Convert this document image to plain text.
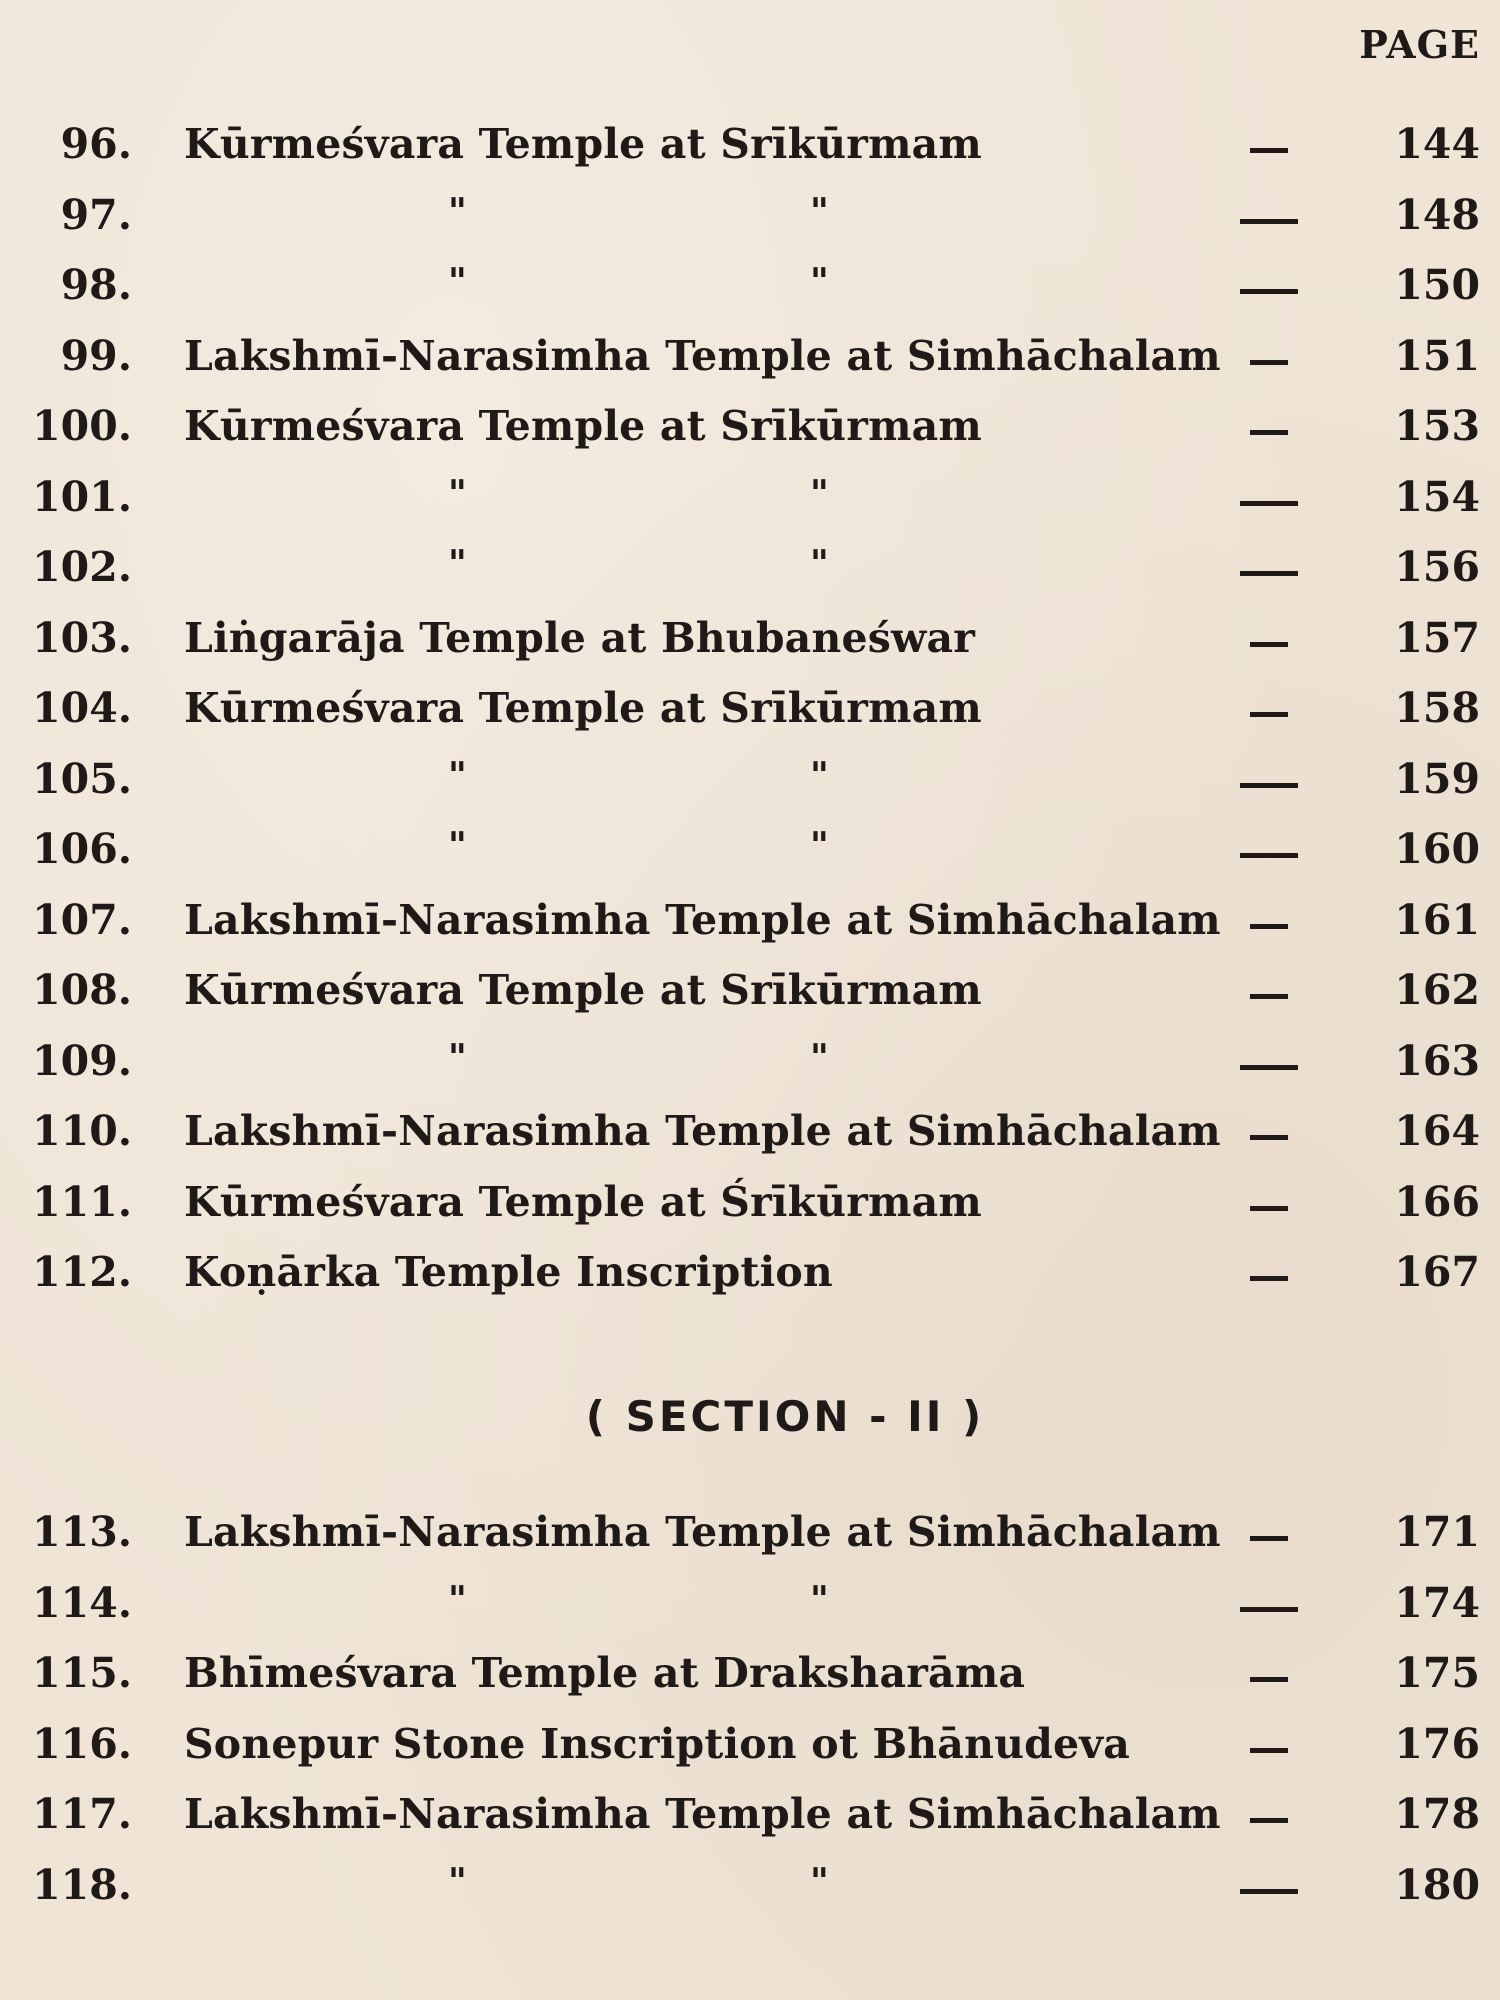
PAGE
96. Kūrmeśvara Temple at Srīkūrmam	144
97.	"	"	148
98.	"	"	150
99. Lakshmī-Narasimha Temple at Simhāchalam	151
100. Kūrmeśvara Temple at Srīkūrmam	153
101.	"	"	154
102.	"	"	156
103. Liṅgarāja Temple at Bhubaneśwar	157
104. Kūrmeśvara Temple at Srīkūrmam	158
105.	"	"	159
106.	"	"	160
107. Lakshmī-Narasimha Temple at Simhāchalam	161
108. Kūrmeśvara Temple at Srīkūrmam	162
109.	"	"	163
110. Lakshmī-Narasimha Temple at Simhāchalam	164
111. Kūrmeśvara Temple at Śrīkūrmam	166
112. Koṇārka Temple Inscription	167
113. Lakshmī-Narasimha Temple at Simhāchalam	171
114.	"	"	174
115. Bhīmeśvara Temple at Draksharāma	175
116. Sonepur Stone Inscription ot Bhānudeva	176
117. Lakshmī-Narasimha Temple at Simhāchalam	178
118.	"	"	180
( SECTION - II )
